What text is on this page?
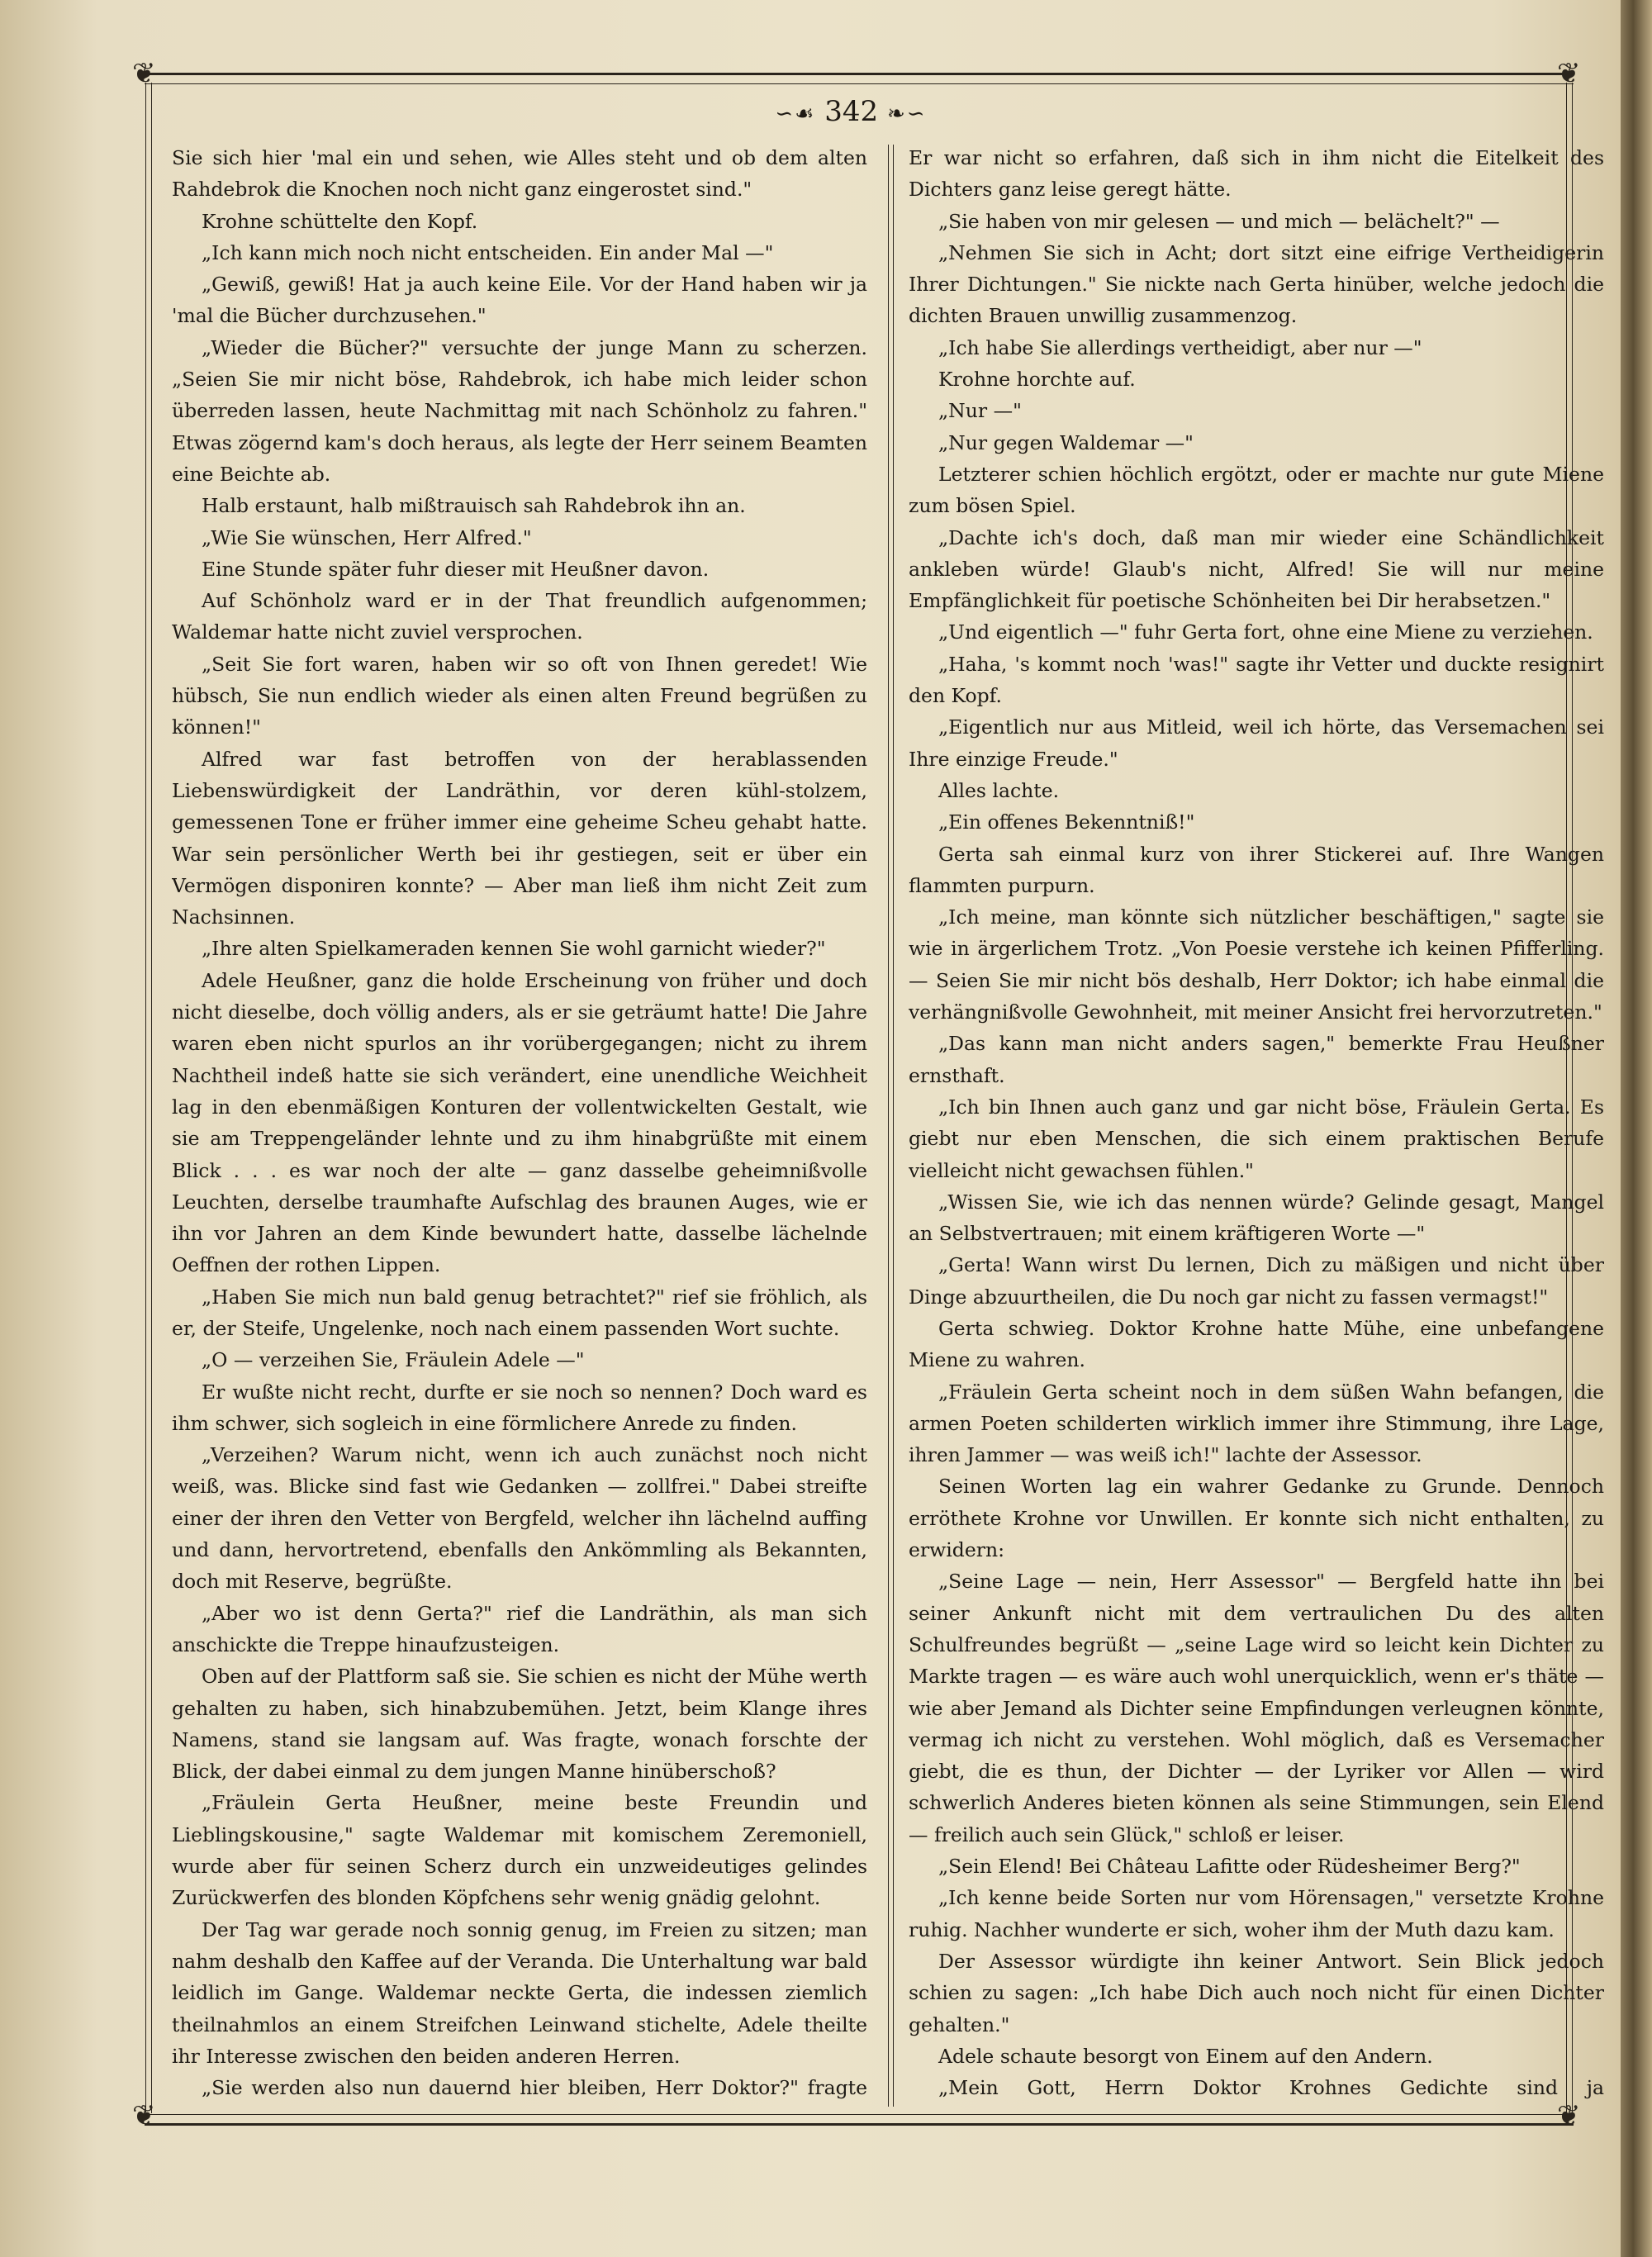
❦	❦
❦	❦
∽☙ 342 ❧∽

Sie sich hier 'mal ein und sehen, wie Alles steht und ob dem alten Rahdebrok die Knochen noch nicht ganz eingerostet sind."

Krohne schüttelte den Kopf.

„Ich kann mich noch nicht entscheiden. Ein ander Mal —"

„Gewiß, gewiß! Hat ja auch keine Eile. Vor der Hand haben wir ja 'mal die Bücher durchzusehen."

„Wieder die Bücher?" versuchte der junge Mann zu scherzen. „Seien Sie mir nicht böse, Rahdebrok, ich habe mich leider schon überreden lassen, heute Nachmittag mit nach Schönholz zu fahren." Etwas zögernd kam's doch heraus, als legte der Herr seinem Beamten eine Beichte ab.

Halb erstaunt, halb mißtrauisch sah Rahdebrok ihn an.

„Wie Sie wünschen, Herr Alfred."

Eine Stunde später fuhr dieser mit Heußner davon.

Auf Schönholz ward er in der That freundlich aufgenommen; Waldemar hatte nicht zuviel versprochen.

„Seit Sie fort waren, haben wir so oft von Ihnen geredet! Wie hübsch, Sie nun endlich wieder als einen alten Freund begrüßen zu können!"

Alfred war fast betroffen von der herablassenden Liebenswürdigkeit der Landräthin, vor deren kühl-stolzem, gemessenen Tone er früher immer eine geheime Scheu gehabt hatte. War sein persönlicher Werth bei ihr gestiegen, seit er über ein Vermögen disponiren konnte? — Aber man ließ ihm nicht Zeit zum Nachsinnen.

„Ihre alten Spielkameraden kennen Sie wohl garnicht wieder?"

Adele Heußner, ganz die holde Erscheinung von früher und doch nicht dieselbe, doch völlig anders, als er sie geträumt hatte! Die Jahre waren eben nicht spurlos an ihr vorübergegangen; nicht zu ihrem Nachtheil indeß hatte sie sich verändert, eine unendliche Weichheit lag in den ebenmäßigen Konturen der vollentwickelten Gestalt, wie sie am Treppengeländer lehnte und zu ihm hinabgrüßte mit einem Blick . . . es war noch der alte — ganz dasselbe geheimnißvolle Leuchten, derselbe traumhafte Aufschlag des braunen Auges, wie er ihn vor Jahren an dem Kinde bewundert hatte, dasselbe lächelnde Oeffnen der rothen Lippen.

„Haben Sie mich nun bald genug betrachtet?" rief sie fröhlich, als er, der Steife, Ungelenke, noch nach einem passenden Wort suchte.

„O — verzeihen Sie, Fräulein Adele —"

Er wußte nicht recht, durfte er sie noch so nennen? Doch ward es ihm schwer, sich sogleich in eine förmlichere Anrede zu finden.

„Verzeihen? Warum nicht, wenn ich auch zunächst noch nicht weiß, was. Blicke sind fast wie Gedanken — zollfrei." Dabei streifte einer der ihren den Vetter von Bergfeld, welcher ihn lächelnd auffing und dann, hervortretend, ebenfalls den Ankömmling als Bekannten, doch mit Reserve, begrüßte.

„Aber wo ist denn Gerta?" rief die Landräthin, als man sich anschickte die Treppe hinaufzusteigen.

Oben auf der Plattform saß sie. Sie schien es nicht der Mühe werth gehalten zu haben, sich hinabzubemühen. Jetzt, beim Klange ihres Namens, stand sie langsam auf. Was fragte, wonach forschte der Blick, der dabei einmal zu dem jungen Manne hinüberschoß?

„Fräulein Gerta Heußner, meine beste Freundin und Lieblingskousine," sagte Waldemar mit komischem Zeremoniell, wurde aber für seinen Scherz durch ein unzweideutiges gelindes Zurückwerfen des blonden Köpfchens sehr wenig gnädig gelohnt.

Der Tag war gerade noch sonnig genug, im Freien zu sitzen; man nahm deshalb den Kaffee auf der Veranda. Die Unterhaltung war bald leidlich im Gange. Waldemar neckte Gerta, die indessen ziemlich theilnahmlos an einem Streifchen Leinwand stichelte, Adele theilte ihr Interesse zwischen den beiden anderen Herren.

„Sie werden also nun dauernd hier bleiben, Herr Doktor?" fragte

Er war nicht so erfahren, daß sich in ihm nicht die Eitelkeit des Dichters ganz leise geregt hätte.

„Sie haben von mir gelesen — und mich — belächelt?" —

„Nehmen Sie sich in Acht; dort sitzt eine eifrige Vertheidigerin Ihrer Dichtungen." Sie nickte nach Gerta hinüber, welche jedoch die dichten Brauen unwillig zusammenzog.

„Ich habe Sie allerdings vertheidigt, aber nur —"

Krohne horchte auf.

„Nur —"

„Nur gegen Waldemar —"

Letzterer schien höchlich ergötzt, oder er machte nur gute Miene zum bösen Spiel.

„Dachte ich's doch, daß man mir wieder eine Schändlichkeit ankleben würde! Glaub's nicht, Alfred! Sie will nur meine Empfänglichkeit für poetische Schönheiten bei Dir herabsetzen."

„Und eigentlich —" fuhr Gerta fort, ohne eine Miene zu verziehen.

„Haha, 's kommt noch 'was!" sagte ihr Vetter und duckte resignirt den Kopf.

„Eigentlich nur aus Mitleid, weil ich hörte, das Versemachen sei Ihre einzige Freude."

Alles lachte.

„Ein offenes Bekenntniß!"

Gerta sah einmal kurz von ihrer Stickerei auf. Ihre Wangen flammten purpurn.

„Ich meine, man könnte sich nützlicher beschäftigen," sagte sie wie in ärgerlichem Trotz. „Von Poesie verstehe ich keinen Pfifferling. — Seien Sie mir nicht bös deshalb, Herr Doktor; ich habe einmal die verhängnißvolle Gewohnheit, mit meiner Ansicht frei hervorzutreten."

„Das kann man nicht anders sagen," bemerkte Frau Heußner ernsthaft.

„Ich bin Ihnen auch ganz und gar nicht böse, Fräulein Gerta. Es giebt nur eben Menschen, die sich einem praktischen Berufe vielleicht nicht gewachsen fühlen."

„Wissen Sie, wie ich das nennen würde? Gelinde gesagt, Mangel an Selbstvertrauen; mit einem kräftigeren Worte —"

„Gerta! Wann wirst Du lernen, Dich zu mäßigen und nicht über Dinge abzuurtheilen, die Du noch gar nicht zu fassen vermagst!"

Gerta schwieg. Doktor Krohne hatte Mühe, eine unbefangene Miene zu wahren.

„Fräulein Gerta scheint noch in dem süßen Wahn befangen, die armen Poeten schilderten wirklich immer ihre Stimmung, ihre Lage, ihren Jammer — was weiß ich!" lachte der Assessor.

Seinen Worten lag ein wahrer Gedanke zu Grunde. Dennoch erröthete Krohne vor Unwillen. Er konnte sich nicht enthalten, zu erwidern:

„Seine Lage — nein, Herr Assessor" — Bergfeld hatte ihn bei seiner Ankunft nicht mit dem vertraulichen Du des alten Schulfreundes begrüßt — „seine Lage wird so leicht kein Dichter zu Markte tragen — es wäre auch wohl unerquicklich, wenn er's thäte — wie aber Jemand als Dichter seine Empfindungen verleugnen könnte, vermag ich nicht zu verstehen. Wohl möglich, daß es Versemacher giebt, die es thun, der Dichter — der Lyriker vor Allen — wird schwerlich Anderes bieten können als seine Stimmungen, sein Elend — freilich auch sein Glück," schloß er leiser.

„Sein Elend! Bei Château Lafitte oder Rüdesheimer Berg?"

„Ich kenne beide Sorten nur vom Hörensagen," versetzte Krohne ruhig. Nachher wunderte er sich, woher ihm der Muth dazu kam.

Der Assessor würdigte ihn keiner Antwort. Sein Blick jedoch schien zu sagen: „Ich habe Dich auch noch nicht für einen Dichter gehalten."

Adele schaute besorgt von Einem auf den Andern.

„Mein Gott, Herrn Doktor Krohnes Gedichte sind ja
